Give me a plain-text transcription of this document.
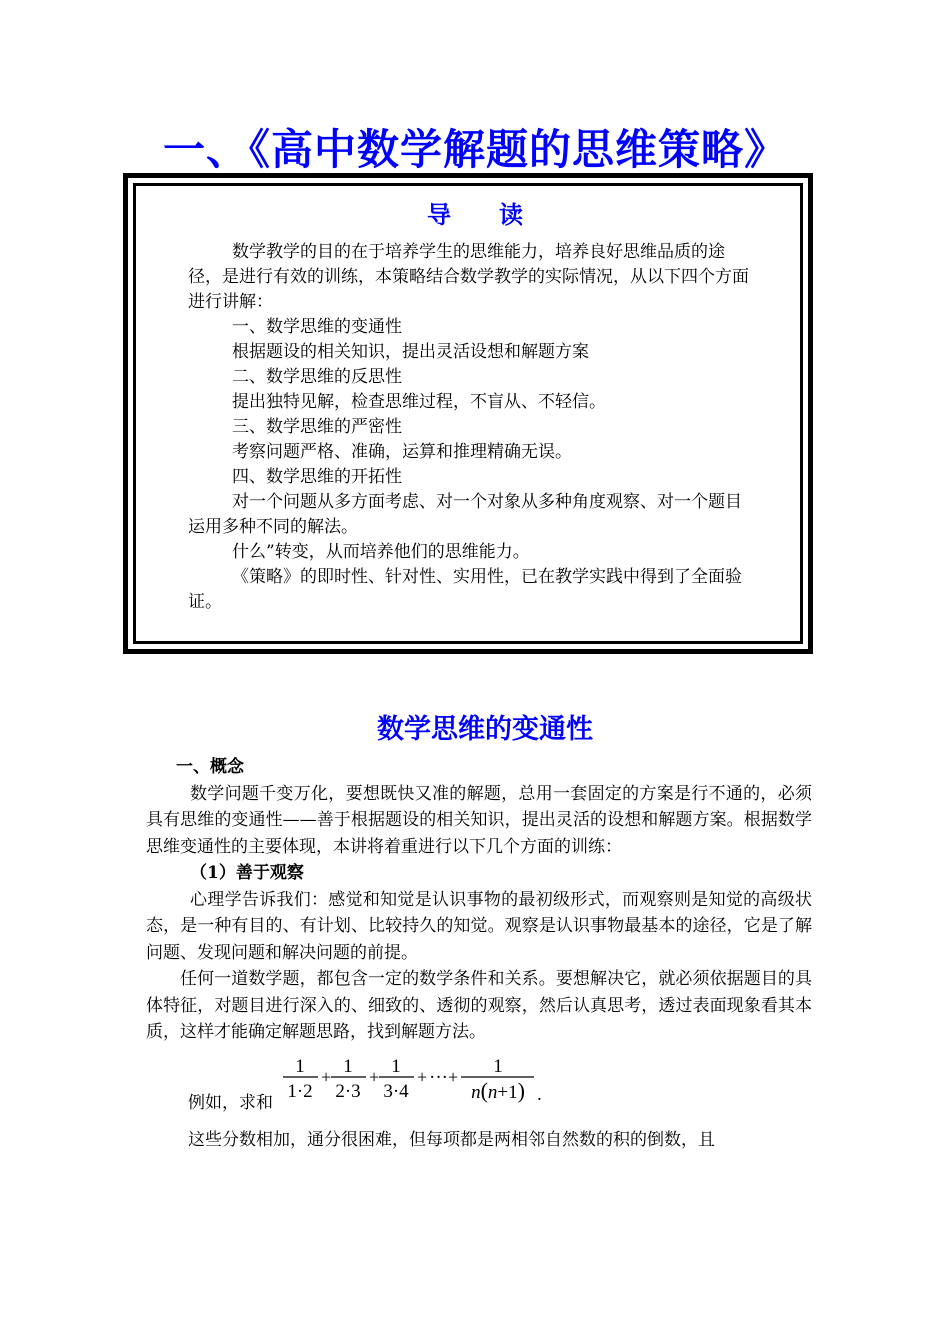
一、《高中数学解题的思维策略》
导 读

数学教学的目的在于培养学生的思维能力，培养良好思维品质的途径，是进行有效的训练，本策略结合数学教学的实际情况，从以下四个方面进行讲解：

一、数学思维的变通性

根据题设的相关知识，提出灵活设想和解题方案

二、数学思维的反思性

提出独特见解，检查思维过程，不盲从、不轻信。

三、数学思维的严密性

考察问题严格、准确，运算和推理精确无误。

四、数学思维的开拓性

对一个问题从多方面考虑、对一个对象从多种角度观察、对一个题目运用多种不同的解法。

什么”转变，从而培养他们的思维能力。

《策略》的即时性、针对性、实用性，已在教学实践中得到了全面验证。

数学思维的变通性

一、概念

数学问题千变万化，要想既快又准的解题，总用一套固定的方案是行不通的，必须具有思维的变通性——善于根据题设的相关知识，提出灵活的设想和解题方案。根据数学思维变通性的主要体现，本讲将着重进行以下几个方面的训练：

（1）善于观察

心理学告诉我们：感觉和知觉是认识事物的最初级形式，而观察则是知觉的高级状态，是一种有目的、有计划、比较持久的知觉。观察是认识事物最基本的途径，它是了解问题、发现问题和解决问题的前提。

任何一道数学题，都包含一定的数学条件和关系。要想解决它，就必须依据题目的具体特征，对题目进行深入的、细致的、透彻的观察，然后认真思考，透过表面现象看其本质，这样才能确定解题思路，找到解题方法。

例如，求和
1
1·2
+ 1
2·3
+ 1
3·4
+ ··· + 1
n(n+1) .
这些分数相加，通分很困难，但每项都是两相邻自然数的积的倒数，且
